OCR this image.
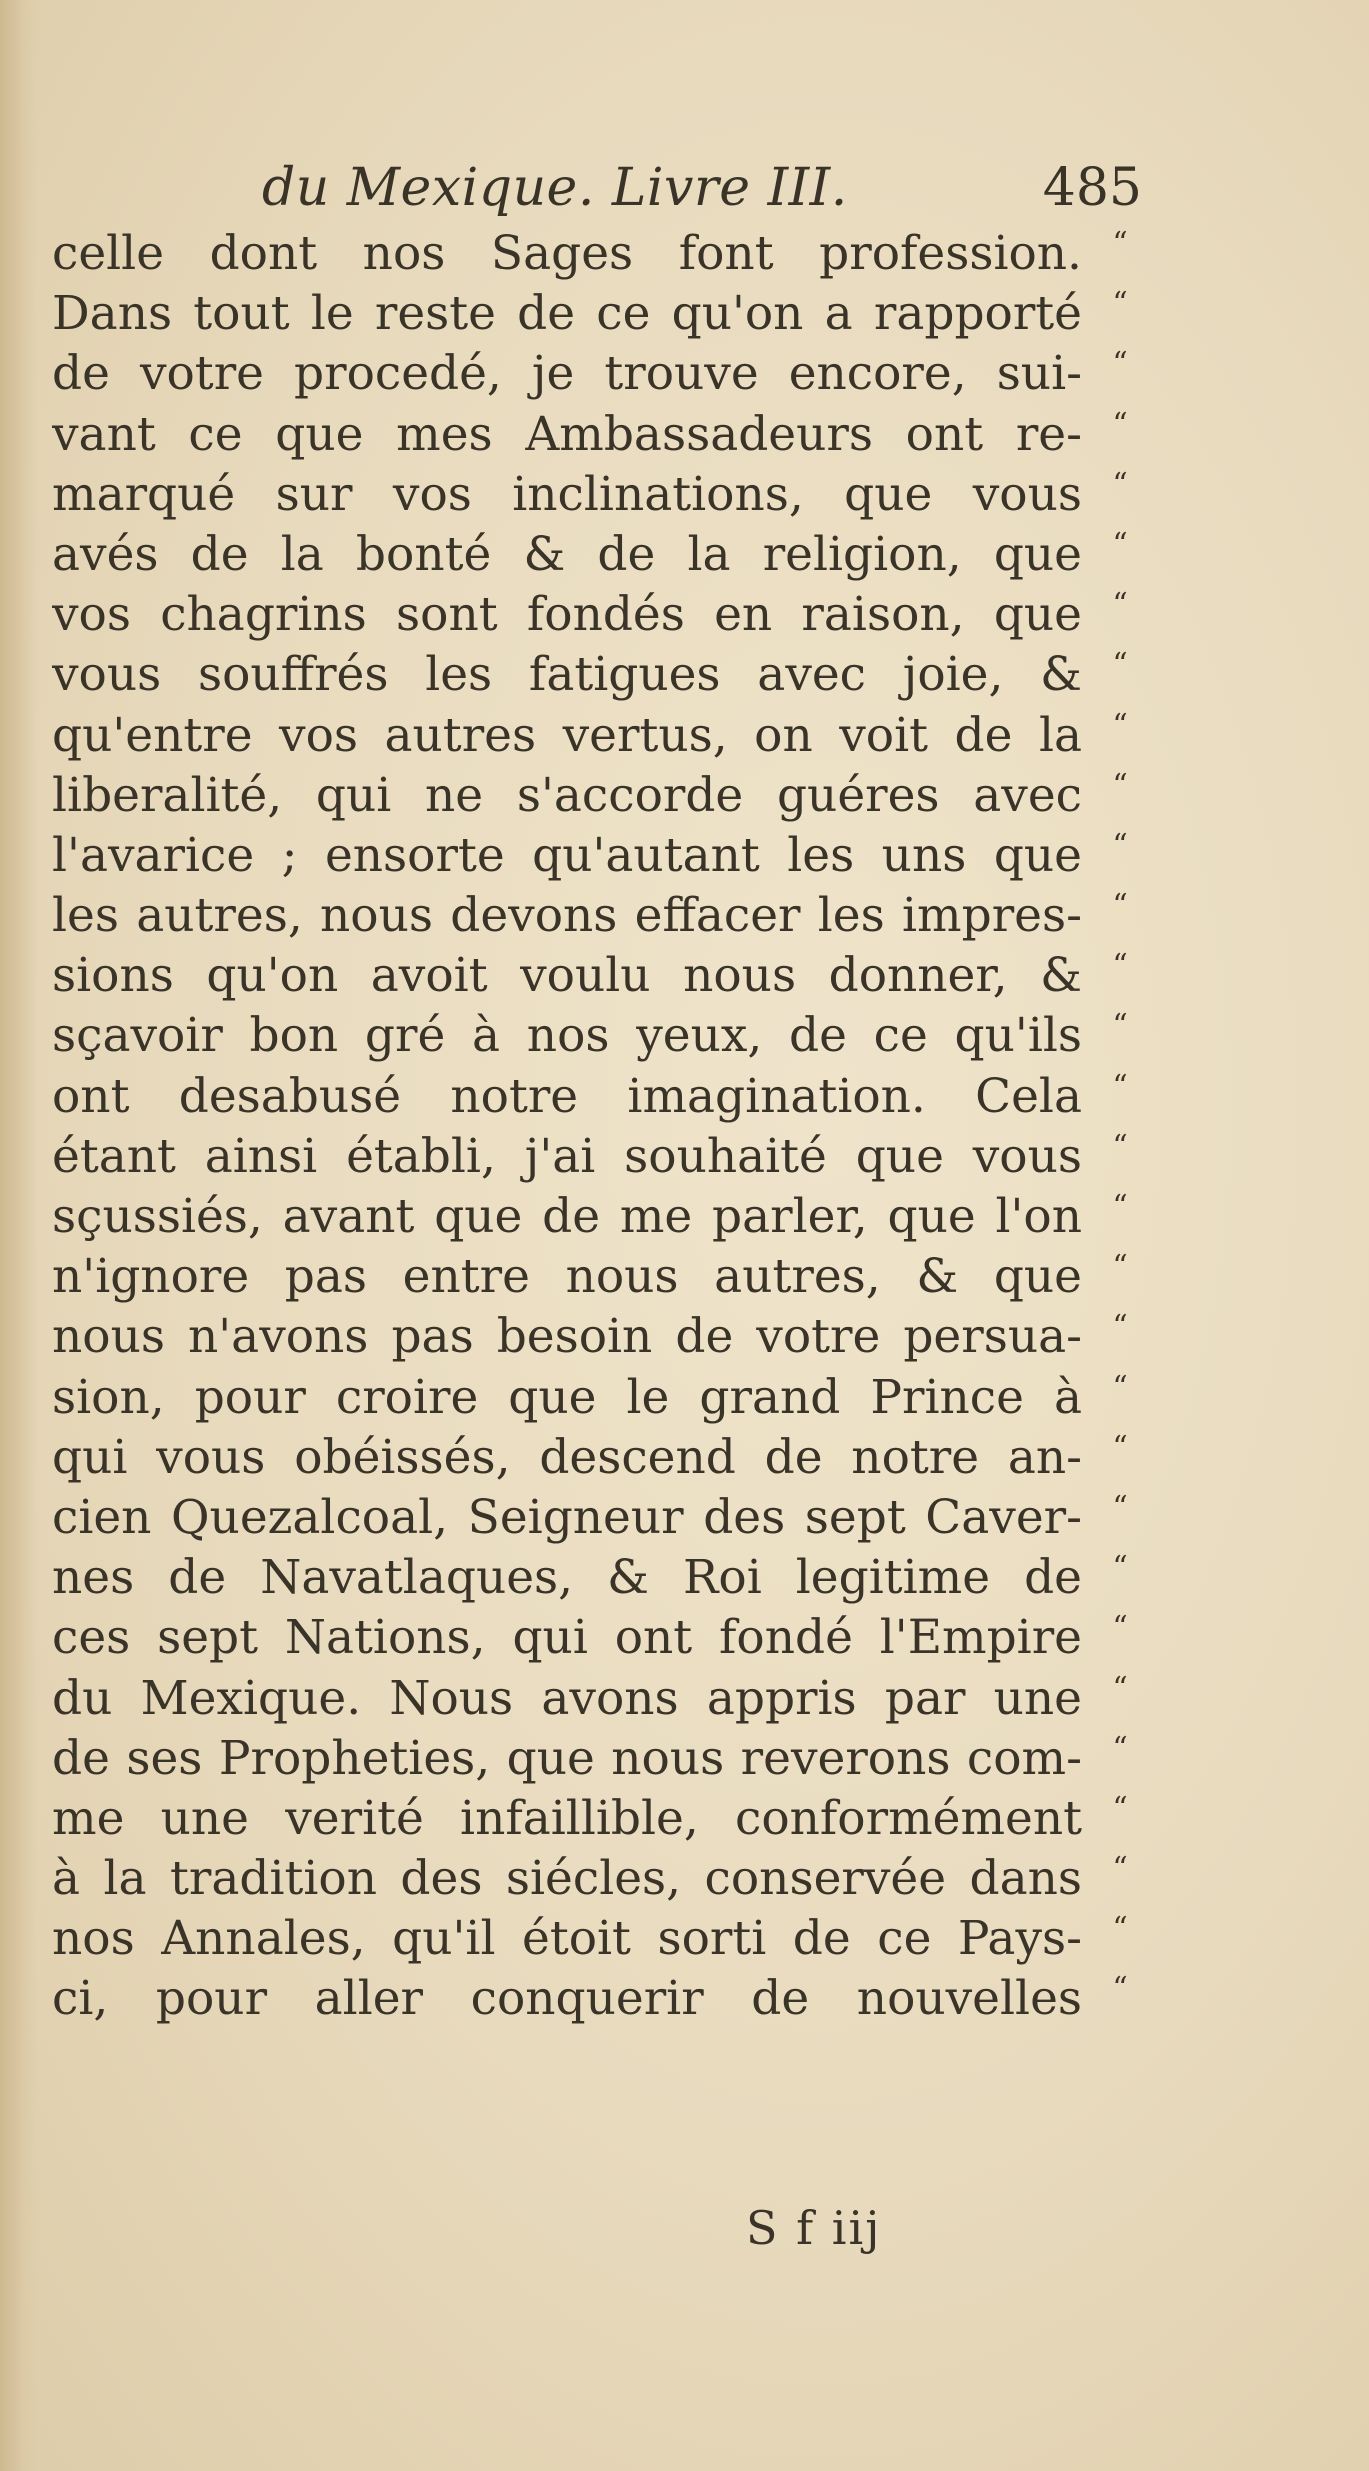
du Mexique. Livre III.	485
celle dont nos Sages font profession.	“
Dans tout le reste de ce qu'on a rapporté	“
de votre procedé, je trouve encore, sui-	“
vant ce que mes Ambassadeurs ont re-	“
marqué sur vos inclinations, que vous	“
avés de la bonté & de la religion, que	“
vos chagrins sont fondés en raison, que	“
vous souffrés les fatigues avec joie, &	“
qu'entre vos autres vertus, on voit de la	“
liberalité, qui ne s'accorde guéres avec	“
l'avarice ; ensorte qu'autant les uns que	“
les autres, nous devons effacer les impres-	“
sions qu'on avoit voulu nous donner, &	“
sçavoir bon gré à nos yeux, de ce qu'ils	“
ont desabusé notre imagination. Cela	“
étant ainsi établi, j'ai souhaité que vous	“
sçussiés, avant que de me parler, que l'on	“
n'ignore pas entre nous autres, & que	“
nous n'avons pas besoin de votre persua-	“
sion, pour croire que le grand Prince à	“
qui vous obéissés, descend de notre an-	“
cien Quezalcoal, Seigneur des sept Caver-	“
nes de Navatlaques, & Roi legitime de	“
ces sept Nations, qui ont fondé l'Empire	“
du Mexique. Nous avons appris par une	“
de ses Propheties, que nous reverons com-	“
me une verité infaillible, conformément	“
à la tradition des siécles, conservée dans	“
nos Annales, qu'il étoit sorti de ce Pays-	“
ci, pour aller conquerir de nouvelles	“
S f iij
